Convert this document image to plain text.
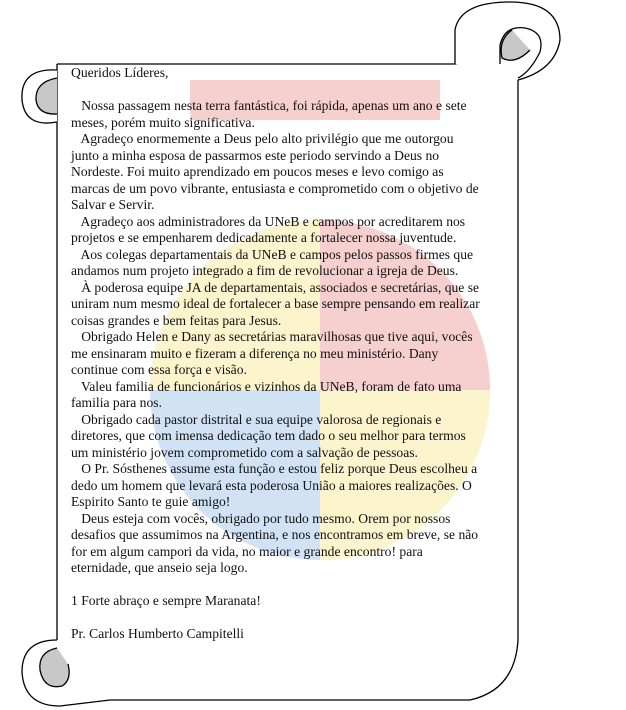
Queridos Líderes,
Nossa passagem nesta terra fantástica, foi rápida, apenas um ano e sete
meses, porém muito significativa.
Agradeço enormemente a Deus pelo alto privilégio que me outorgou
junto a minha esposa de passarmos este periodo servindo a Deus no
Nordeste. Foi muito aprendizado em poucos meses e levo comigo as
marcas de um povo vibrante, entusiasta e comprometido com o objetivo de
Salvar e Servir.
Agradeço aos administradores da UNeB e campos por acreditarem nos
projetos e se empenharem dedicadamente a fortalecer nossa juventude.
Aos colegas departamentais da UNeB e campos pelos passos firmes que
andamos num projeto integrado a fim de revolucionar a igreja de Deus.
À poderosa equipe JA de departamentais, associados e secretárias, que se
uniram num mesmo ideal de fortalecer a base sempre pensando em realizar
coisas grandes e bem feitas para Jesus.
Obrigado Helen e Dany as secretárias maravilhosas que tive aqui, vocês
me ensinaram muito e fizeram a diferença no meu ministério. Dany
continue com essa força e visão.
Valeu familia de funcionários e vizinhos da UNeB, foram de fato uma
familia para nos.
Obrigado cada pastor distrital e sua equipe valorosa de regionais e
diretores, que com imensa dedicação tem dado o seu melhor para termos
um ministério jovem comprometido com a salvação de pessoas.
O Pr. Sósthenes assume esta função e estou feliz porque Deus escolheu a
dedo um homem que levará esta poderosa União a maiores realizações. O
Espirito Santo te guie amigo!
Deus esteja com vocês, obrigado por tudo mesmo. Orem por nossos
desafios que assumimos na Argentina, e nos encontramos em breve, se não
for em algum campori da vida, no maior e grande encontro! para
eternidade, que anseio seja logo.
1 Forte abraço e sempre Maranata!
Pr. Carlos Humberto Campitelli
